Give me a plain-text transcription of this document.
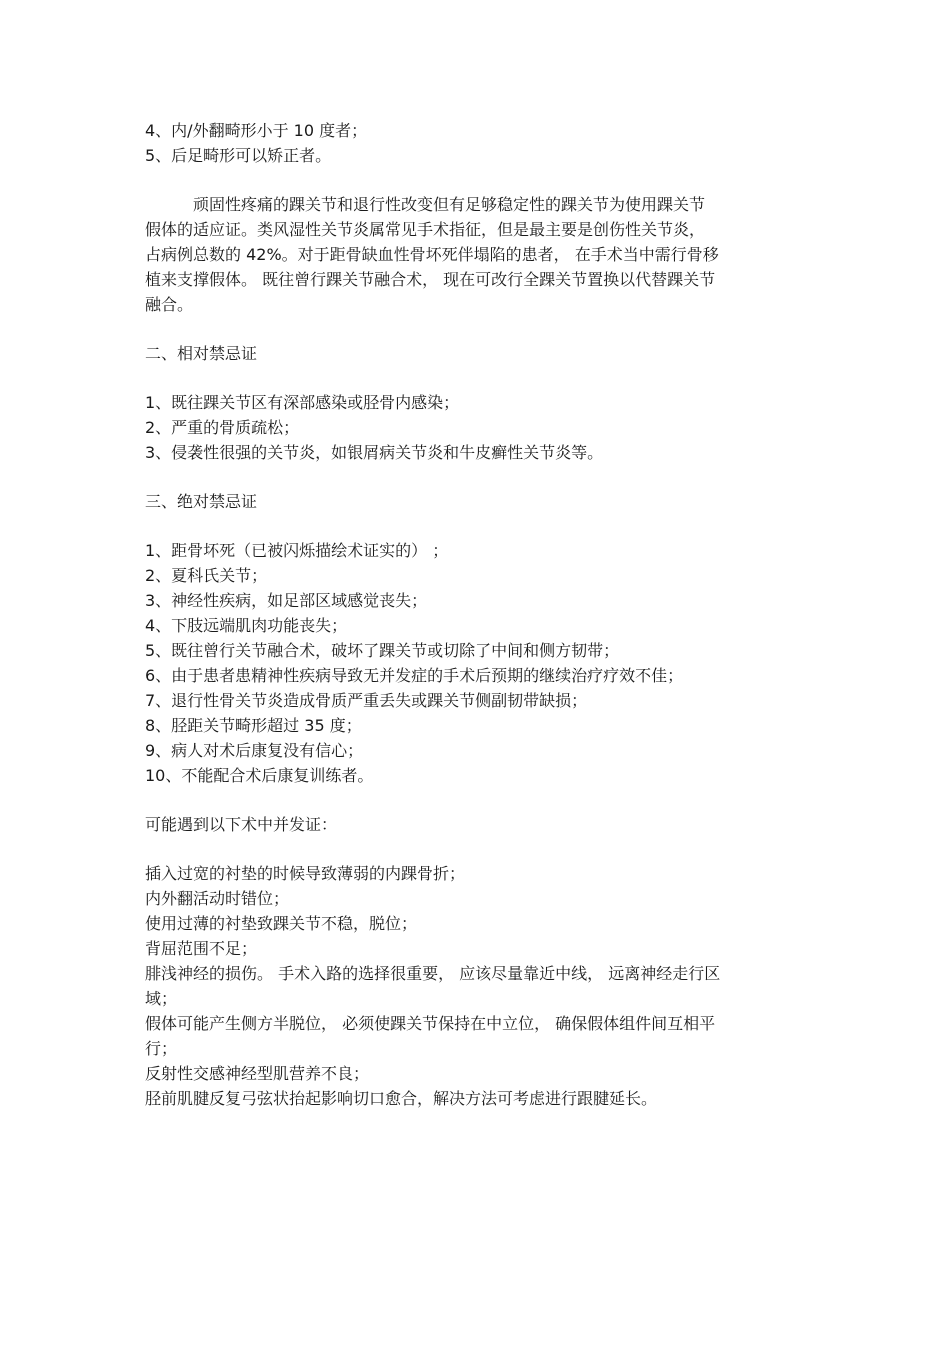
4、内/外翻畸形小于 10 度者；
5、后足畸形可以矫正者。
顽固性疼痛的踝关节和退行性改变但有足够稳定性的踝关节为使用踝关节
假体的适应证。类风湿性关节炎属常见手术指征，但是最主要是创伤性关节炎，
占病例总数的 42%。对于距骨缺血性骨坏死伴塌陷的患者， 在手术当中需行骨移
植来支撑假体。 既往曾行踝关节融合术， 现在可改行全踝关节置换以代替踝关节
融合。
二、相对禁忌证
1、既往踝关节区有深部感染或胫骨内感染；
2、严重的骨质疏松；
3、侵袭性很强的关节炎，如银屑病关节炎和牛皮癣性关节炎等。
三、绝对禁忌证
1、距骨坏死（已被闪烁描绘术证实的） ；
2、夏科氏关节；
3、神经性疾病，如足部区域感觉丧失；
4、下肢远端肌肉功能丧失；
5、既往曾行关节融合术，破坏了踝关节或切除了中间和侧方韧带；
6、由于患者患精神性疾病导致无并发症的手术后预期的继续治疗疗效不佳；
7、退行性骨关节炎造成骨质严重丢失或踝关节侧副韧带缺损；
8、胫距关节畸形超过 35 度；
9、病人对术后康复没有信心；
10、不能配合术后康复训练者。
可能遇到以下术中并发证：
插入过宽的衬垫的时候导致薄弱的内踝骨折；
内外翻活动时错位；
使用过薄的衬垫致踝关节不稳，脱位；
背屈范围不足；
腓浅神经的损伤。 手术入路的选择很重要， 应该尽量靠近中线， 远离神经走行区
域；
假体可能产生侧方半脱位， 必须使踝关节保持在中立位， 确保假体组件间互相平
行；
反射性交感神经型肌营养不良；
胫前肌腱反复弓弦状抬起影响切口愈合，解决方法可考虑进行跟腱延长。
